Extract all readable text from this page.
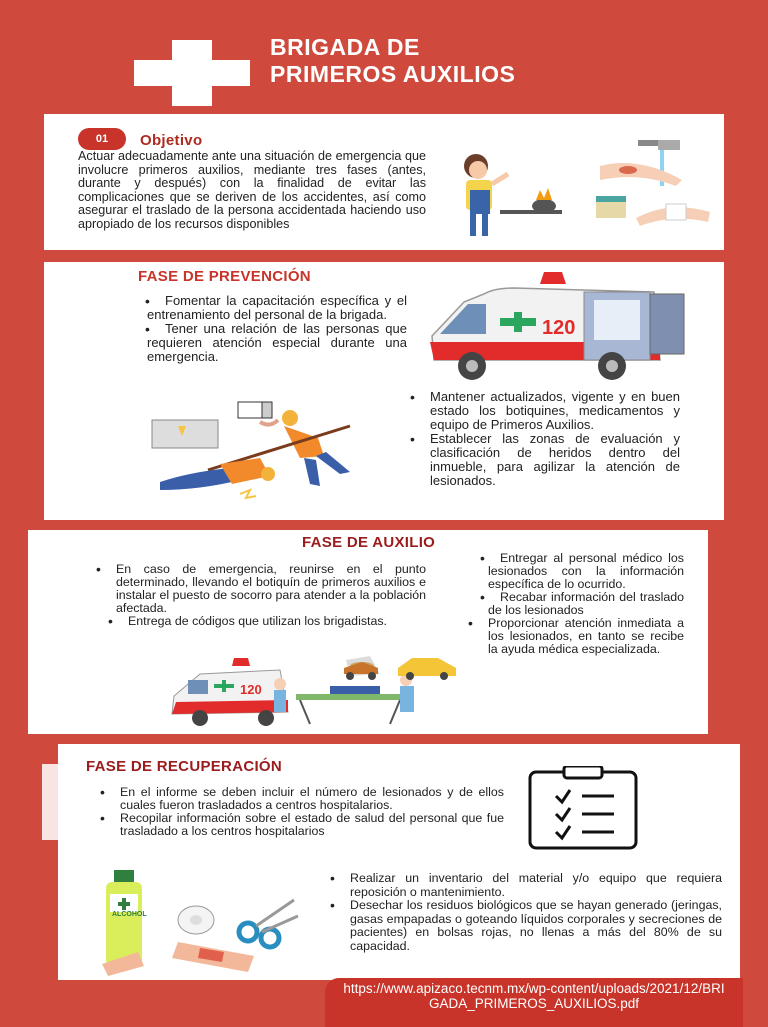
BRIGADA DE
PRIMEROS AUXILIOS
01	Objetivo
Actuar adecuadamente ante una situación de emergencia que involucre primeros auxilios, mediante tres fases (antes, durante y después) con la finalidad de evitar las complicaciones que se deriven de los accidentes, así como asegurar el traslado de la persona accidentada haciendo uso apropiado de los recursos disponibles
FASE DE PREVENCIÓN
• Fomentar la capacitación específica y el entrenamiento del personal de la brigada.
• Tener una relación de las personas que requieren atención especial durante una emergencia.
120
• Mantener actualizados, vigente y en buen estado los botiquines, medicamentos y equipo de Primeros Auxilios.
• Establecer las zonas de evaluación y clasificación de heridos dentro del inmueble, para agilizar la atención de lesionados.
FASE DE AUXILIO
• En caso de emergencia, reunirse en el punto determinado, llevando el botiquín de primeros auxilios e instalar el puesto de socorro para atender a la población afectada.
• Entrega de códigos que utilizan los brigadistas.
• Entregar al personal médico los lesionados con la información específica de lo ocurrido.
• Recabar información del traslado de los lesionados
• Proporcionar atención inmediata a los lesionados, en tanto se recibe la ayuda médica especializada.
120
FASE DE RECUPERACIÓN
• En el informe se deben incluir el número de lesionados y de ellos cuales fueron trasladados a centros hospitalarios.
• Recopilar información sobre el estado de salud del personal que fue trasladado a los centros hospitalarios
• Realizar un inventario del material y/o equipo que requiera reposición o mantenimiento.
• Desechar los residuos biológicos que se hayan generado (jeringas, gasas empapadas o goteando líquidos corporales y secreciones de pacientes) en bolsas rojas, no llenas a más del 80% de su capacidad.
ALCOHOL
https://www.apizaco.tecnm.mx/wp-content/uploads/2021/12/BRIGADA_PRIMEROS_AUXILIOS.pdf
